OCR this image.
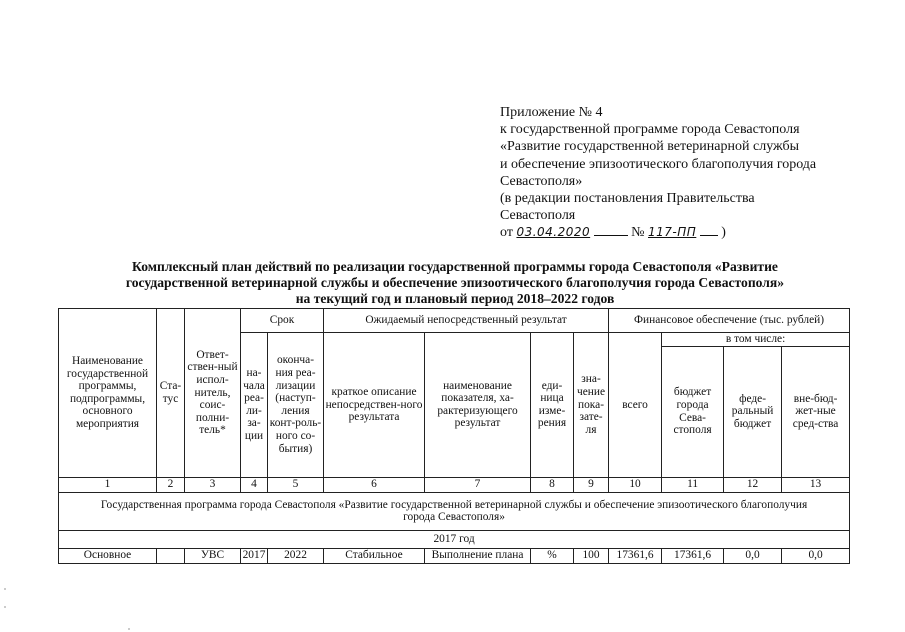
Приложение № 4
к государственной программе города Севастополя
«Развитие государственной ветеринарной службы
и обеспечение эпизоотического благополучия города
Севастополя»
(в редакции постановления Правительства
Севастополя
от 03.04.2020	№ 117-ПП )
Комплексный план действий по реализации государственной программы города Севастополя «Развитие
государственной ветеринарной службы и обеспечение эпизоотического благополучия города Севастополя»
на текущий год и плановый период 2018–2022 годов
Наименование государственной программы, подпрограммы, основного мероприятия	Ста-тус	Ответ-ствен-ный испол-нитель, соис-полни-тель*	Срок		Ожидаемый непосредственный результат				Финансовое обеспечение (тыс. рублей)			
			на-чала реа-ли-за-ции	оконча-ния реа-лизации (наступ-ления конт-роль-ного со-бытия)	краткое описание непосредствен-ного результата	наименование показателя, ха-рактеризующего результат	еди-ница изме-рения	зна-чение пока-зате-ля	всего	в том числе:		
										бюджет города Сева-стополя	феде-ральный бюджет	вне-бюд-жет-ные сред-ства
1	2	3	4	5	6	7	8	9	10	11	12	13
Государственная программа города Севастополя «Развитие государственной ветеринарной службы и обеспечение эпизоотического благополучия города Севастополя»												
2017 год												
Основное		УВС	2017	2022	Стабильное	Выполнение плана	%	100	17361,6	17361,6	0,0	0,0
